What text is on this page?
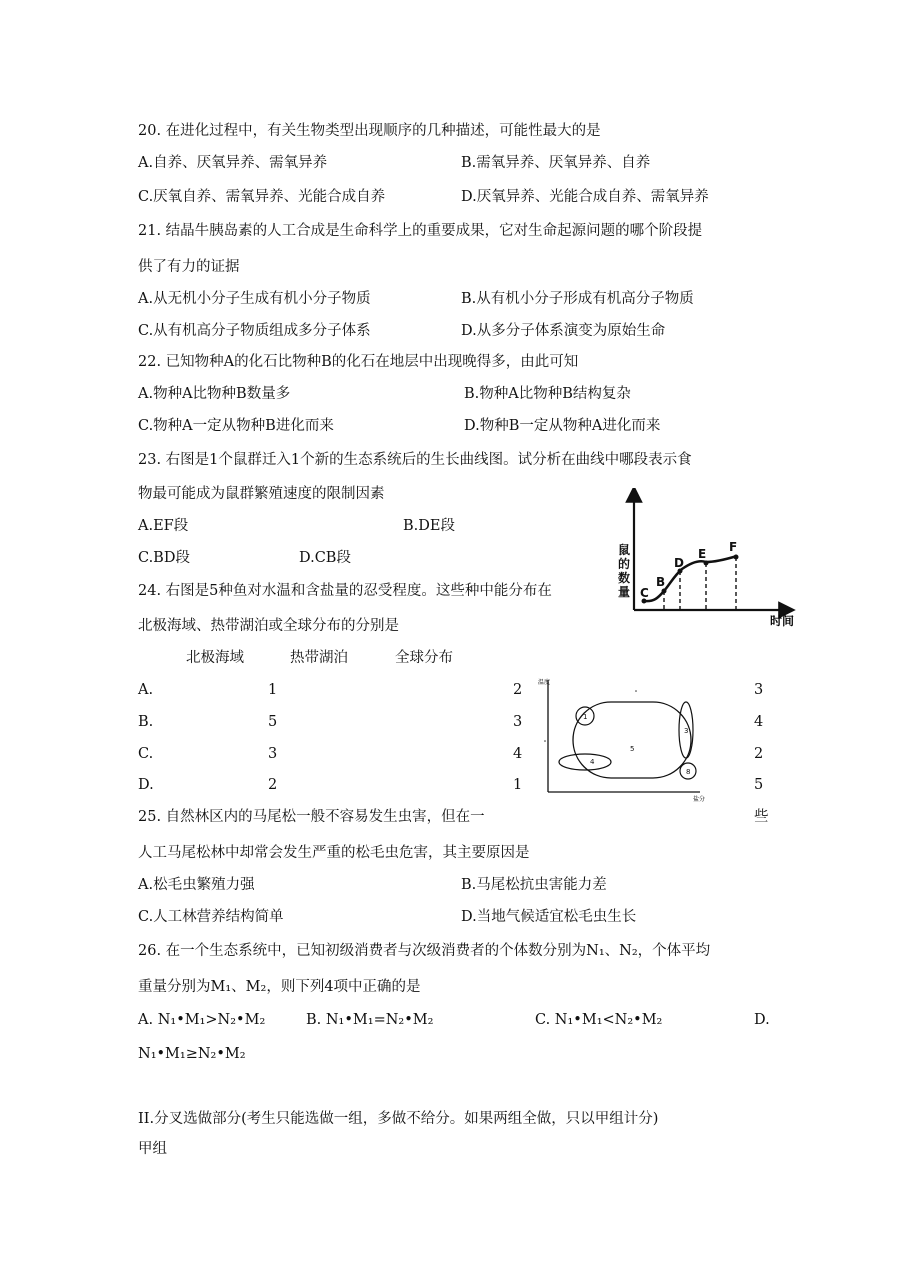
20. 在进化过程中，有关生物类型出现顺序的几种描述，可能性最大的是
A.自养、厌氧异养、需氧异养	B.需氧异养、厌氧异养、自养
C.厌氧自养、需氧异养、光能合成自养	D.厌氧异养、光能合成自养、需氧异养
21. 结晶牛胰岛素的人工合成是生命科学上的重要成果，它对生命起源问题的哪个阶段提
供了有力的证据
A.从无机小分子生成有机小分子物质	B.从有机小分子形成有机高分子物质
C.从有机高分子物质组成多分子体系	D.从多分子体系演变为原始生命
22. 已知物种A的化石比物种B的化石在地层中出现晚得多，由此可知
A.物种A比物种B数量多	B.物种A比物种B结构复杂
C.物种A一定从物种B进化而来	D.物种B一定从物种A进化而来
23. 右图是1个鼠群迁入1个新的生态系统后的生长曲线图。试分析在曲线中哪段表示食
物最可能成为鼠群繁殖速度的限制因素
A.EF段	B.DE段
C.BD段	D.CB段	鼠
的
数
量
时间
C
B
D
E F
24. 右图是5种鱼对水温和含盐量的忍受程度。这些种中能分布在
北极海域、热带湖泊或全球分布的分别是
北极海域	热带湖泊	全球分布
A.	1	2	3
B.	5	3	4
C.	3	4	2
D.	2	1	5
温度
盐分
1
3
5
4
8
25. 自然林区内的马尾松一般不容易发生虫害，但在一	些
人工马尾松林中却常会发生严重的松毛虫危害，其主要原因是
A.松毛虫繁殖力强	B.马尾松抗虫害能力差
C.人工林营养结构简单	D.当地气候适宜松毛虫生长
26. 在一个生态系统中，已知初级消费者与次级消费者的个体数分别为N₁、N₂，个体平均
重量分别为M₁、M₂，则下列4项中正确的是
A. N₁•M₁>N₂•M₂	B. N₁•M₁=N₂•M₂	C. N₁•M₁<N₂•M₂	D.
N₁•M₁≥N₂•M₂
II.分叉选做部分(考生只能选做一组，多做不给分。如果两组全做，只以甲组计分)
甲组
